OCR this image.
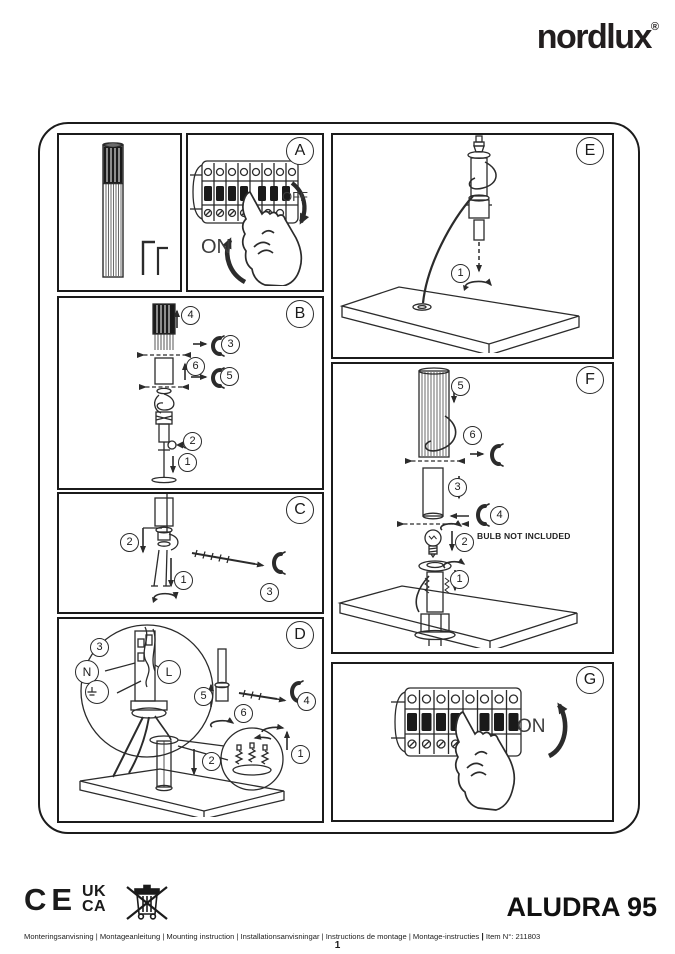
nordlux®
A
OFF
ON
B
4
3
6
5
2
1
C
2
1
3
D
3
N	L
5
6
4
2
1
E
1
F
5
6
3
4
2
1
BULB NOT INCLUDED
G
ON
CE UK
CA	ALUDRA 95
Monteringsanvisning | Montageanleitung | Mounting instruction | Installationsanvisningar | Instructions de montage | Montage-instructies | Item N°: 211803
1
